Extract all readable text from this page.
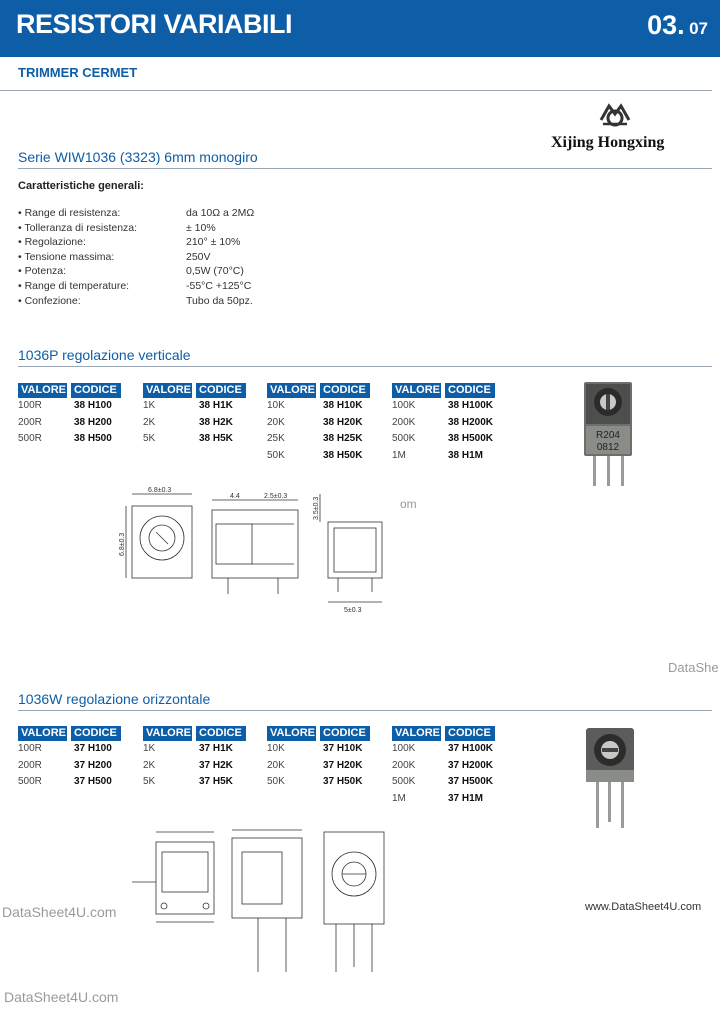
RESISTORI VARIABILI	03. 07
TRIMMER CERMET
Xijing Hongxing
Serie WIW1036 (3323) 6mm monogiro
Caratteristiche generali:
• Range di resistenza:	da 10Ω a 2MΩ
• Tolleranza di resistenza:	± 10%
• Regolazione:	210° ± 10%
• Tensione massima:	250V
• Potenza:	0,5W (70°C)
• Range di temperature:	-55°C +125°C
• Confezione:	Tubo da 50pz.
1036P regolazione verticale
VALORE CODICE
100R	38 H100
200R	38 H200
500R	38 H500
VALORE CODICE
1K	38 H1K
2K	38 H2K
5K	38 H5K
VALORE CODICE
10K	38 H10K
20K	38 H20K
25K	38 H25K
50K	38 H50K
VALORE CODICE
100K	38 H100K
200K	38 H200K
500K	38 H500K
1M	38 H1M
R204
0812
6.8±0.3
6.8±0.3
4.4	2.5±0.3
5±0.3
3.5±0.3	om
DataShe
1036W regolazione orizzontale
VALORE CODICE
100R	37 H100
200R	37 H200
500R	37 H500
VALORE CODICE
1K	37 H1K
2K	37 H2K
5K	37 H5K
VALORE CODICE
10K	37 H10K
20K	37 H20K
50K	37 H50K
VALORE CODICE
100K	37 H100K
200K	37 H200K
500K	37 H500K
1M	37 H1M
DataSheet4U.com	www.DataSheet4U.com
DataSheet4U.com
